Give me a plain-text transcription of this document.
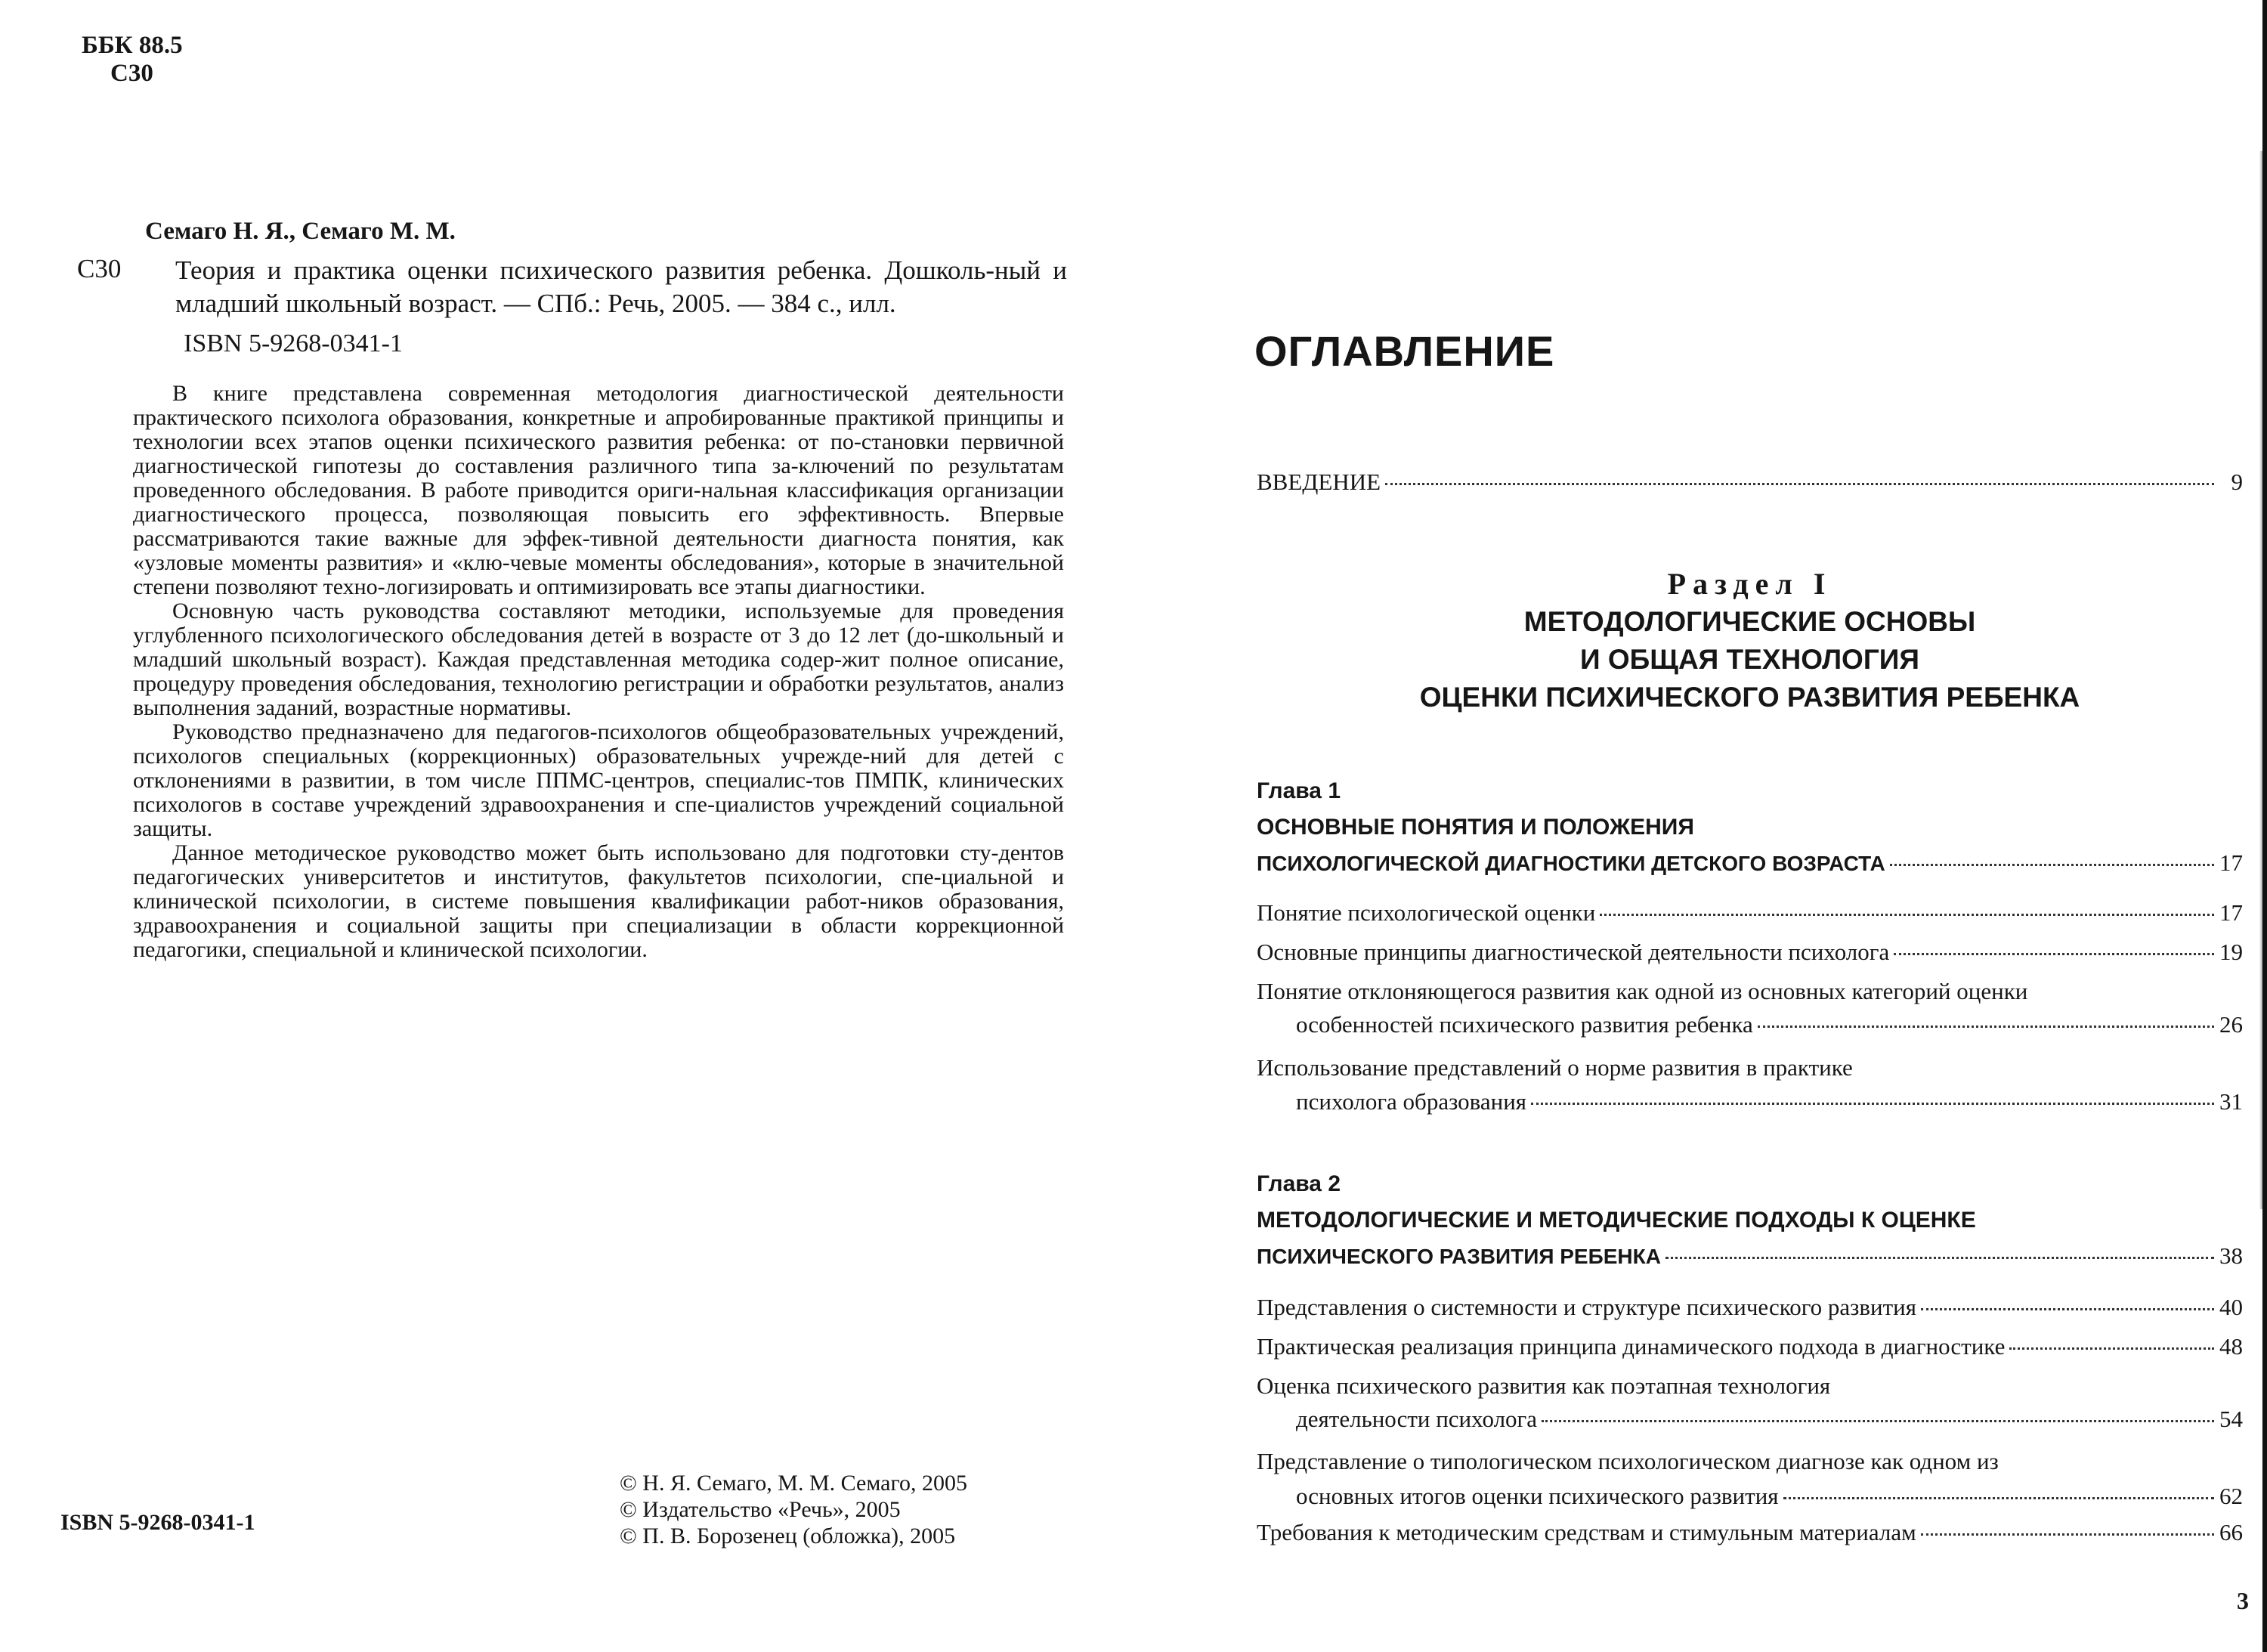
ББК 88.5
С30
Семаго Н. Я., Семаго М. М.
С30 Теория и практика оценки психического развития ребенка. Дошколь-ный и младший школьный возраст. — СПб.: Речь, 2005. — 384 с., илл.
ISBN 5-9268-0341-1

В книге представлена современная методология диагностической деятельности практического психолога образования, конкретные и апробированные практикой принципы и технологии всех этапов оценки психического развития ребенка: от по-становки первичной диагностической гипотезы до составления различного типа за-ключений по результатам проведенного обследования. В работе приводится ориги-нальная классификация организации диагностического процесса, позволяющая повысить его эффективность. Впервые рассматриваются такие важные для эффек-тивной деятельности диагноста понятия, как «узловые моменты развития» и «клю-чевые моменты обследования», которые в значительной степени позволяют техно-логизировать и оптимизировать все этапы диагностики.

Основную часть руководства составляют методики, используемые для проведения углубленного психологического обследования детей в возрасте от 3 до 12 лет (до-школьный и младший школьный возраст). Каждая представленная методика содер-жит полное описание, процедуру проведения обследования, технологию регистрации и обработки результатов, анализ выполнения заданий, возрастные нормативы.

Руководство предназначено для педагогов-психологов общеобразовательных учреждений, психологов специальных (коррекционных) образовательных учрежде-ний для детей с отклонениями в развитии, в том числе ППМС-центров, специалис-тов ПМПК, клинических психологов в составе учреждений здравоохранения и спе-циалистов учреждений социальной защиты.

Данное методическое руководство может быть использовано для подготовки сту-дентов педагогических университетов и институтов, факультетов психологии, спе-циальной и клинической психологии, в системе повышения квалификации работ-ников образования, здравоохранения и социальной защиты при специализации в области коррекционной педагогики, специальной и клинической психологии.

ISBN 5-9268-0341-1
© Н. Я. Семаго, М. М. Семаго, 2005
© Издательство «Речь», 2005
© П. В. Борозенец (обложка), 2005
ОГЛАВЛЕНИЕ
ВВЕДЕНИЕ	9
Раздел I
МЕТОДОЛОГИЧЕСКИЕ ОСНОВЫ
И ОБЩАЯ ТЕХНОЛОГИЯ
ОЦЕНКИ ПСИХИЧЕСКОГО РАЗВИТИЯ РЕБЕНКА
Глава 1
ОСНОВНЫЕ ПОНЯТИЯ И ПОЛОЖЕНИЯ
ПСИХОЛОГИЧЕСКОЙ ДИАГНОСТИКИ ДЕТСКОГО ВОЗРАСТА	17
Понятие психологической оценки	17
Основные принципы диагностической деятельности психолога	19
Понятие отклоняющегося развития как одной из основных категорий оценки
особенностей психического развития ребенка	26
Использование представлений о норме развития в практике
психолога образования	31
Глава 2
МЕТОДОЛОГИЧЕСКИЕ И МЕТОДИЧЕСКИЕ ПОДХОДЫ К ОЦЕНКЕ
ПСИХИЧЕСКОГО РАЗВИТИЯ РЕБЕНКА	38
Представления о системности и структуре психического развития	40
Практическая реализация принципа динамического подхода в диагностике	48
Оценка психического развития как поэтапная технология
деятельности психолога	54
Представление о типологическом психологическом диагнозе как одном из
основных итогов оценки психического развития	62
Требования к методическим средствам и стимульным материалам	66
3
